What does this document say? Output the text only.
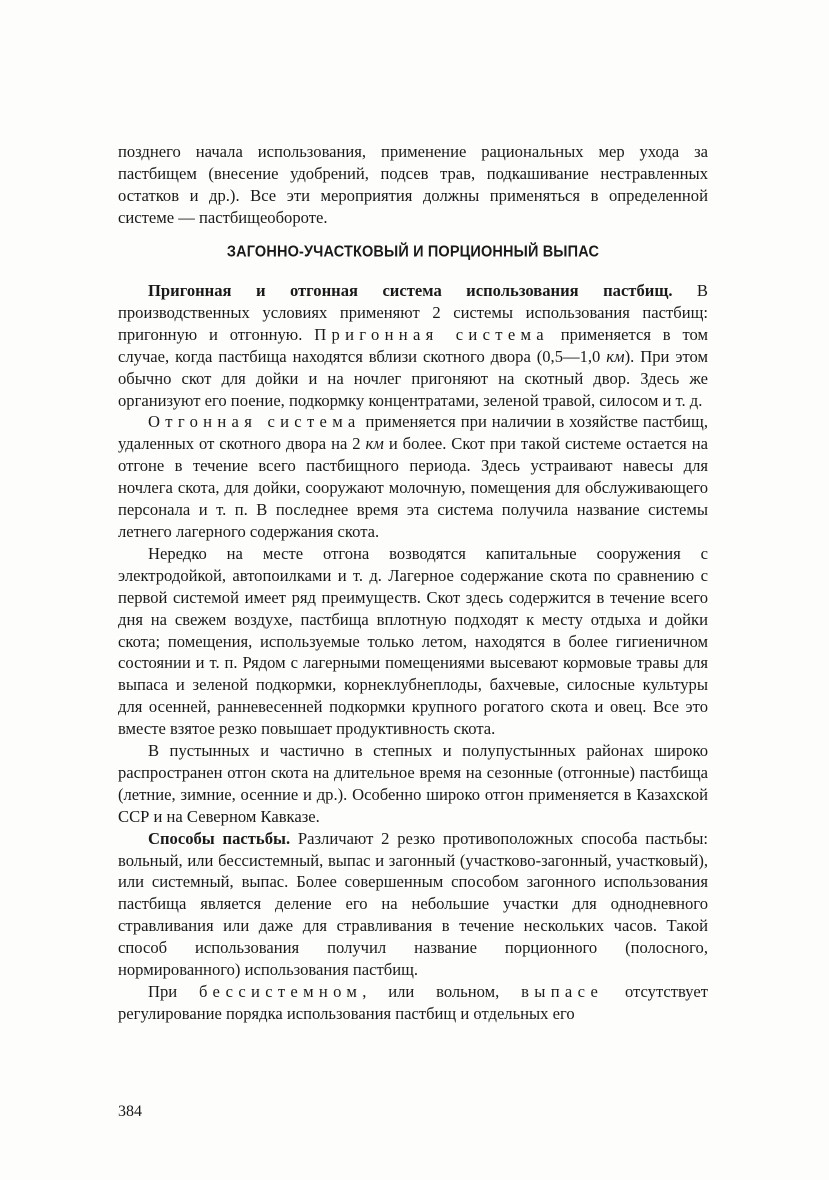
позднего начала использования, применение рациональных мер ухода за пастбищем (внесение удобрений, подсев трав, подкашивание нестравленных остатков и др.). Все эти мероприятия должны применяться в определенной системе — пастбищеобороте.

ЗАГОННО-УЧАСТКОВЫЙ И ПОРЦИОННЫЙ ВЫПАС

Пригонная и отгонная система использования пастбищ. В производственных условиях применяют 2 системы использования пастбищ: пригонную и отгонную. Пригонная система применяется в том случае, когда пастбища находятся вблизи скотного двора (0,5—1,0 км). При этом обычно скот для дойки и на ночлег пригоняют на скотный двор. Здесь же организуют его поение, подкормку концентратами, зеленой травой, силосом и т. д.

Отгонная система применяется при наличии в хозяйстве пастбищ, удаленных от скотного двора на 2 км и более. Скот при такой системе остается на отгоне в течение всего пастбищного периода. Здесь устраивают навесы для ночлега скота, для дойки, сооружают молочную, помещения для обслуживающего персонала и т. п. В последнее время эта система получила название системы летнего лагерного содержания скота.

Нередко на месте отгона возводятся капитальные сооружения с электродойкой, автопоилками и т. д. Лагерное содержание скота по сравнению с первой системой имеет ряд преимуществ. Скот здесь содержится в течение всего дня на свежем воздухе, пастбища вплотную подходят к месту отдыха и дойки скота; помещения, используемые только летом, находятся в более гигиеничном состоянии и т. п. Рядом с лагерными помещениями высевают кормовые травы для выпаса и зеленой подкормки, корнеклубнеплоды, бахчевые, силосные культуры для осенней, ранневесенней подкормки крупного рогатого скота и овец. Все это вместе взятое резко повышает продуктивность скота.

В пустынных и частично в степных и полупустынных районах широко распространен отгон скота на длительное время на сезонные (отгонные) пастбища (летние, зимние, осенние и др.). Особенно широко отгон применяется в Казахской ССР и на Северном Кавказе.

Способы пастьбы. Различают 2 резко противоположных способа пастьбы: вольный, или бессистемный, выпас и загонный (участково-загонный, участковый), или системный, выпас. Более совершенным способом загонного использования пастбища является деление его на небольшие участки для однодневного стравливания или даже для стравливания в течение нескольких часов. Такой способ использования получил название порционного (полосного, нормированного) использования пастбищ.

При бессистемном, или вольном, выпасе отсутствует регулирование порядка использования пастбищ и отдельных его

384
